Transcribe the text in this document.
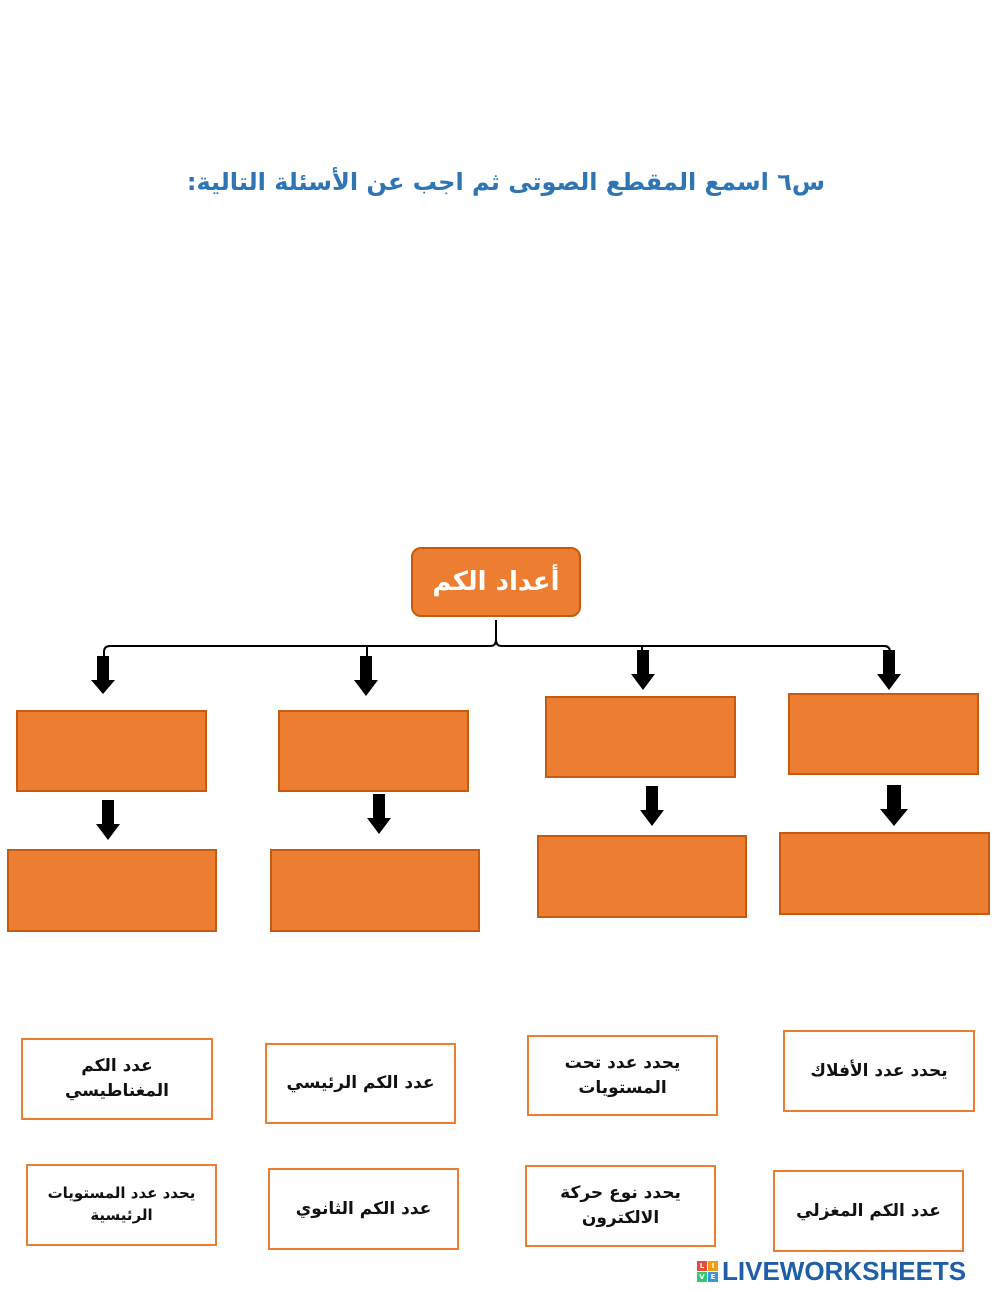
س٦ اسمع المقطع الصوتى ثم اجب عن الأسئلة التالية:
أعداد الكم
يحدد عدد الأفلاك
يحدد عدد تحت المستويات
عدد الكم الرئيسي
عدد الكم المغناطيسي
عدد الكم المغزلي
يحدد نوع حركة الالكترون
عدد الكم الثانوي
يحدد عدد المستويات الرئيسية
L	I
V E LIVEWORKSHEETS
